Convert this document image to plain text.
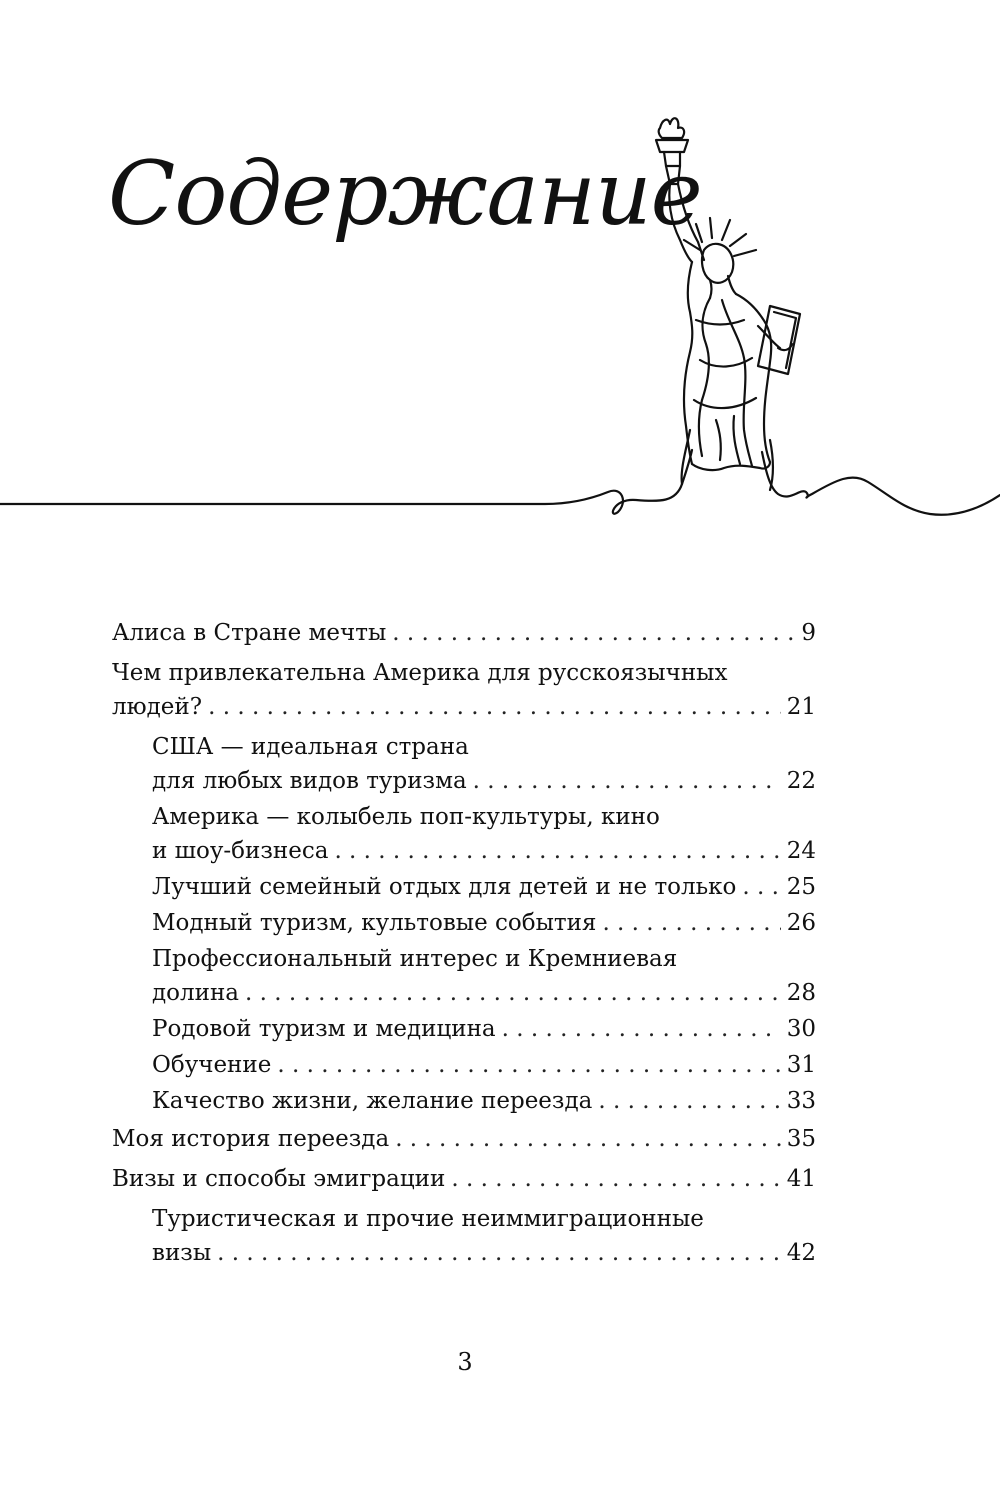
Содержание
Алиса в Стране мечты . . .	9
Чем привлекательна Америка для русскоязычных
людей? . . .	21
США — идеальная страна
для любых видов туризма . . .	22
Америка — колыбель поп-культуры, кино
и шоу-бизнеса . . .	24
Лучший семейный отдых для детей и не только . . . 25
Модный туризм, культовые события . . .	26
Профессиональный интерес и Кремниевая
долина . . .	28
Родовой туризм и медицина . . .	30
Обучение . . .	31
Качество жизни, желание переезда . . .	33
Моя история переезда . . .	35
Визы и способы эмиграции . . .	41
Туристическая и прочие неиммиграционные
визы . . .	42
3
